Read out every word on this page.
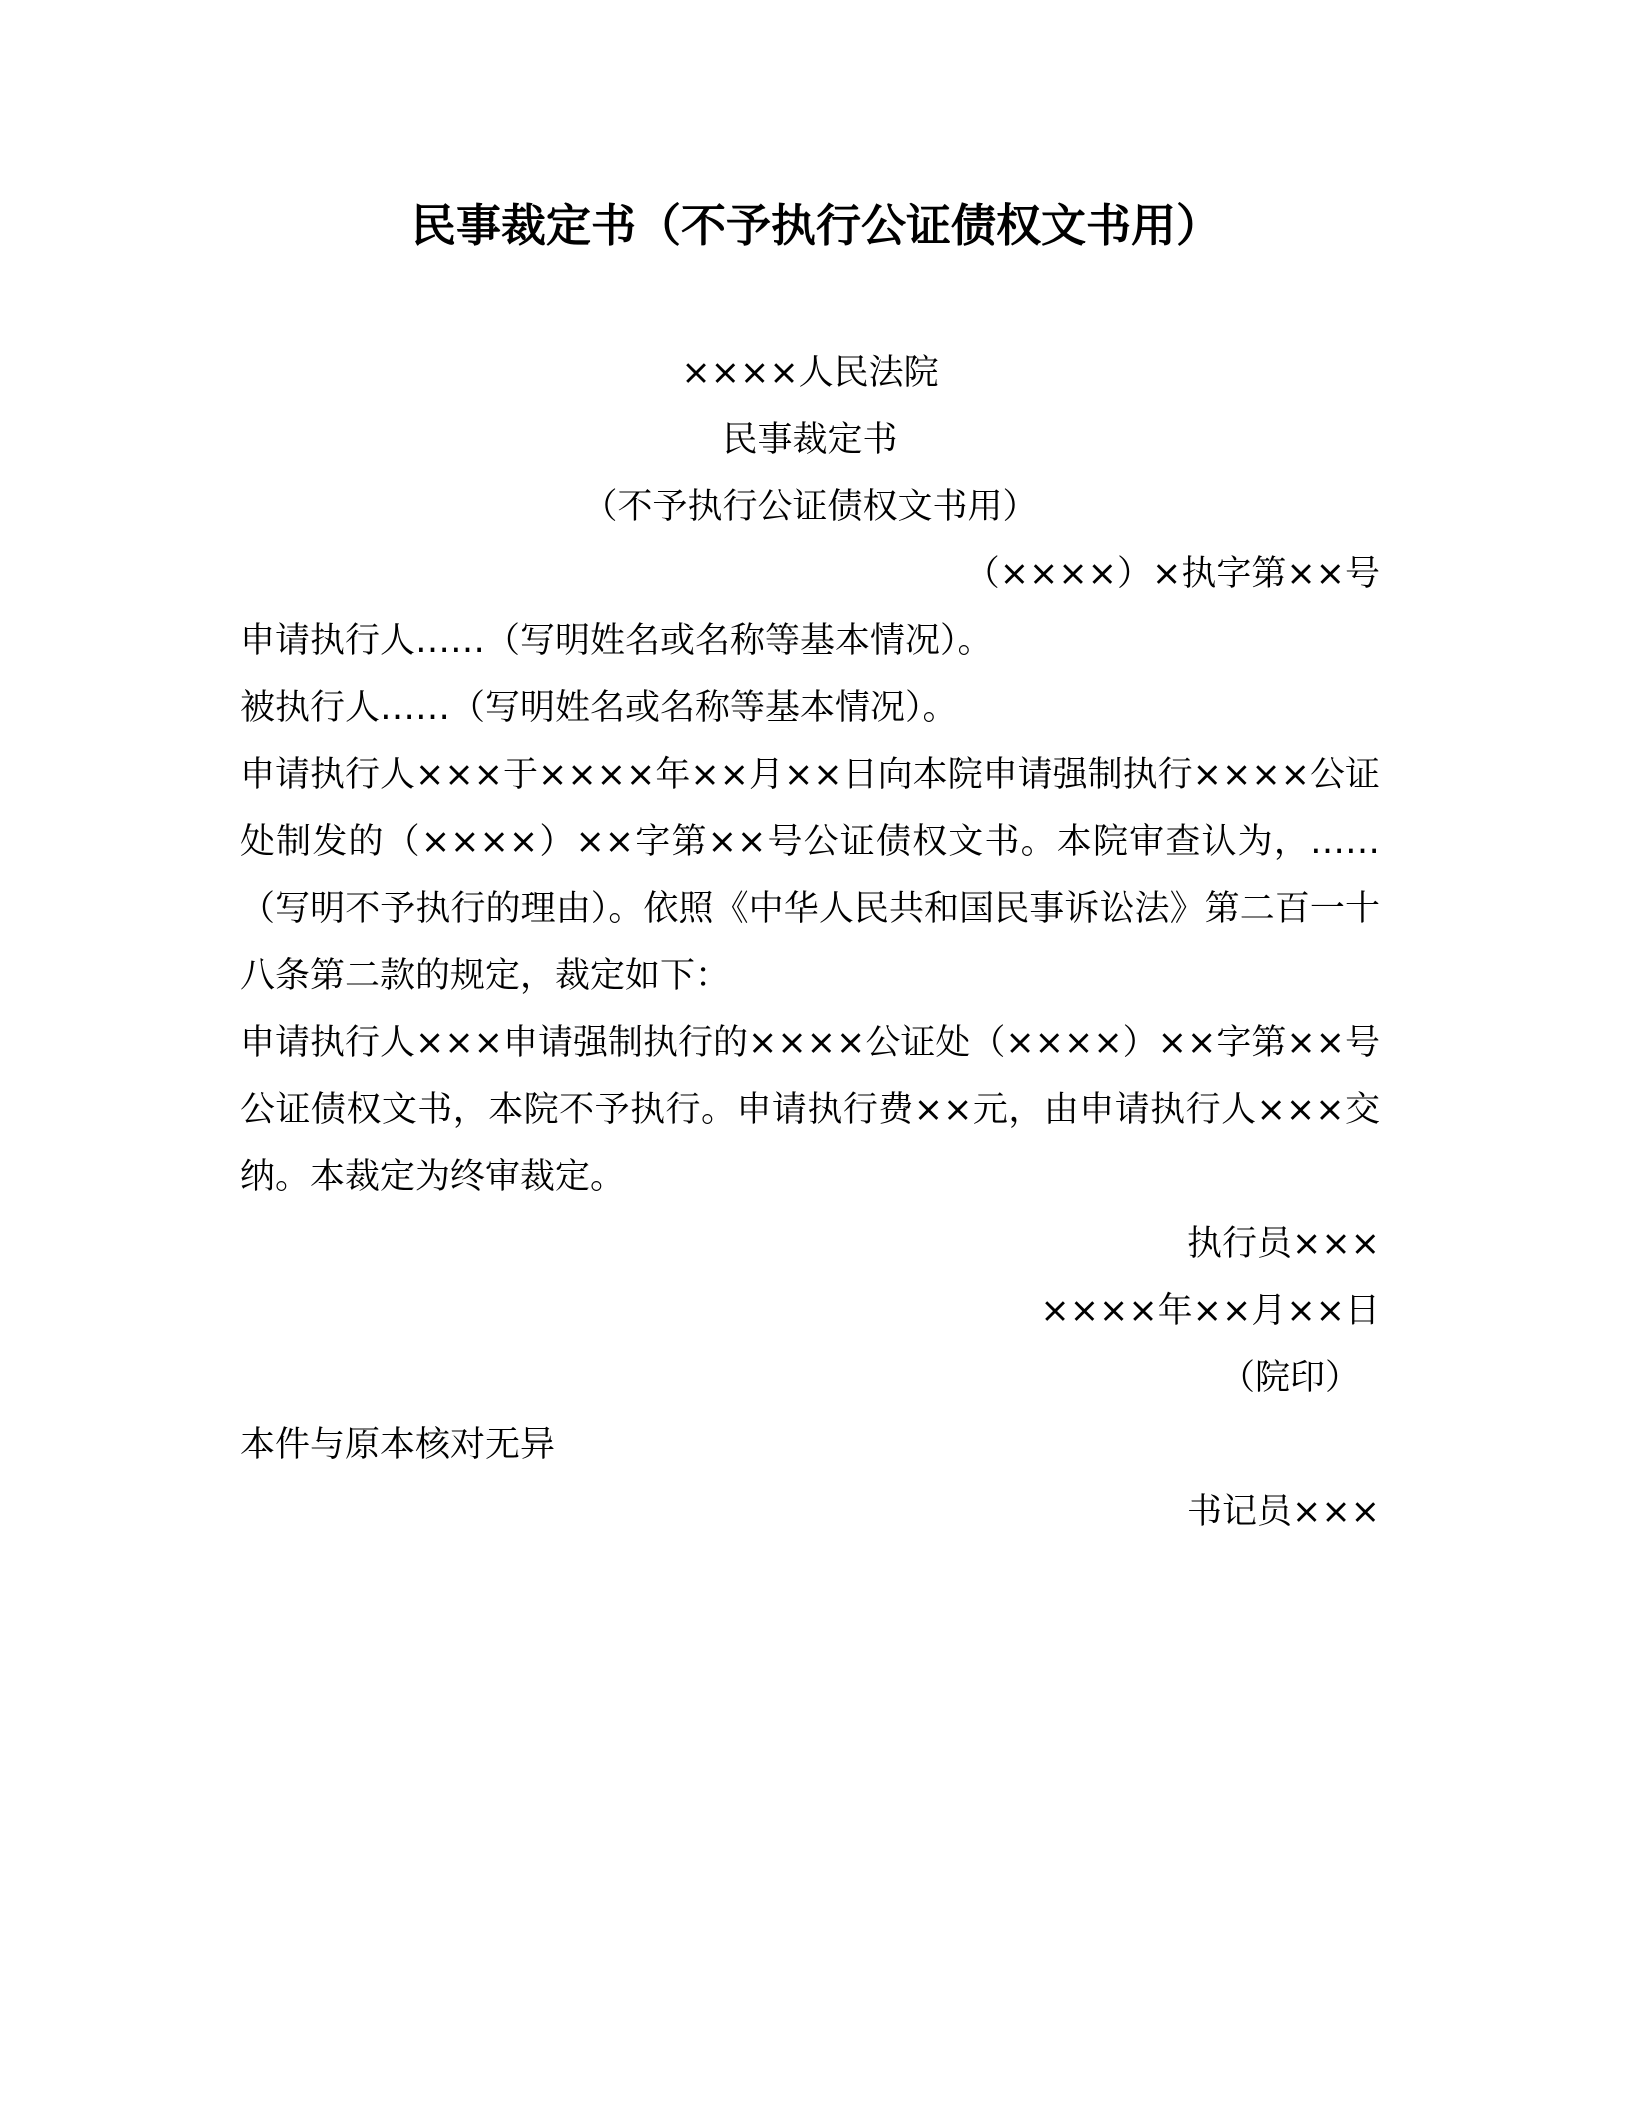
民事裁定书（不予执行公证债权文书用）
××××人民法院
民事裁定书
（不予执行公证债权文书用）
（××××）×执字第××号
申请执行人……（写明姓名或名称等基本情况）。
被执行人……（写明姓名或名称等基本情况）。

申请执行人×××于××××年××月××日向本院申请强制执行××××公证处制发的（××××）××字第××号公证债权文书。本院审查认为，……（写明不予执行的理由）。依照《中华人民共和国民事诉讼法》第二百一十八条第二款的规定，裁定如下：

申请执行人×××申请强制执行的××××公证处（××××）××字第××号公证债权文书，本院不予执行。申请执行费××元，由申请执行人×××交纳。本裁定为终审裁定。

执行员×××
××××年××月××日
（院印）
本件与原本核对无异
书记员×××
